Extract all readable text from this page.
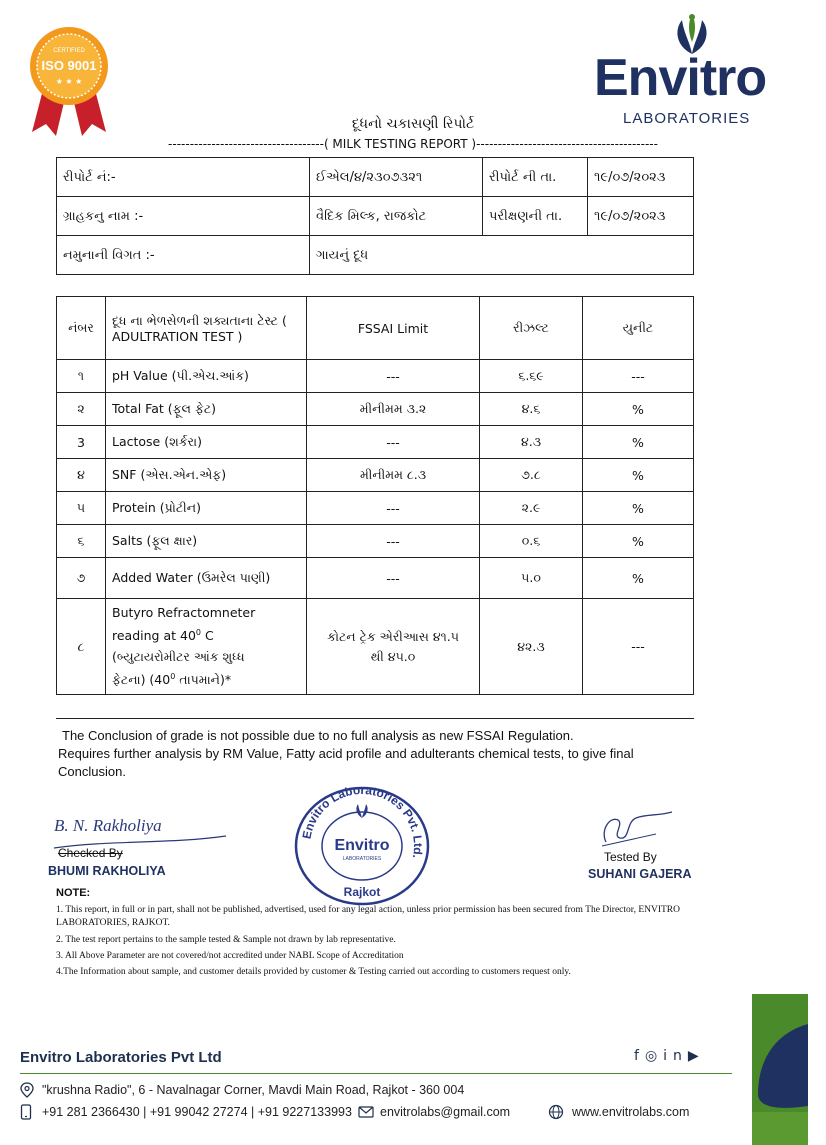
CERTIFIED
ISO 9001
★ ★ ★	Envitro
LABORATORIES
દૂધનો ચકાસણી રિપોર્ટ
------------------------------------( MILK TESTING REPORT )------------------------------------------
રીપોર્ટ નં:-	ઈએલ/૪/૨૩૦૭૩૨૧	રીપોર્ટ ની તા.	૧૯/૦૭/૨૦૨૩
ગ્રાહકનુ નામ :-	વૈદિક મિલ્ક, રાજકોટ	પરીક્ષણની તા.	૧૯/૦૭/૨૦૨૩
નમુનાની વિગત :-	ગાયનું દૂધ		
નંબર	દૂધ ના ભેળસેળની શક્યતાના ટેસ્ટ ( ADULTRATION TEST )	FSSAI Limit	રીઝલ્ટ	યુનીટ
૧	pH Value (પી.એચ.આંક)	---	૬.૬૯	---
૨	Total Fat (ફૂલ ફેટ)	મીનીમમ ૩.૨	૪.૬	%
3	Lactose (શર્કરા)	---	૪.૩	%
૪	SNF (એસ.એન.એફ)	મીનીમમ ૮.૩	૭.૮	%
૫	Protein (પ્રોટીન)	---	૨.૯	%
૬	Salts (ફૂલ ક્ષાર)	---	૦.૬	%
૭	Added Water (ઉમરેલ પાણી)	---	૫.૦	%
૮	Butyro Refractomneter
reading at $40^0$ C
(બ્યુટાયરોમીટર આંક શુધ્ધ
ફેટના) ($40^0$ તાપમાને)*	કોટન ટ્રેક એરીઆસ ૪૧.૫
થી ૪૫.૦	૪૨.૩	---
The Conclusion of grade is not possible due to no full analysis as new FSSAI Regulation.
Requires further analysis by RM Value, Fatty acid profile and adulterants chemical tests, to give final Conclusion.
B. N. Rakholiya
Checked By
BHUMI RAKHOLIYA
Envitro Laboratories Pvt. Ltd.
Envitro
LABORATORIES
Rajkot
Tested By
SUHANI GAJERA
NOTE:
1. This report, in full or in part, shall not be published, advertised, used for any legal action, unless prior permission has been secured from The Director, ENVITRO LABORATORIES, RAJKOT.
2. The test report pertains to the sample tested & Sample not drawn by lab representative.
3. All Above Parameter are not covered/not accredited under NABL Scope of Accreditation
4.The Information about sample, and customer details provided by customer & Testing carried out according to customers request only.
Envitro Laboratories Pvt Ltd	f◎in▶
"krushna Radio", 6 - Navalnagar Corner, Mavdi Main Road, Rajkot - 360 004
+91 281 2366430 | +91 99042 27274 | +91 9227133993 envitrolabs@gmail.com	www.envitrolabs.com
